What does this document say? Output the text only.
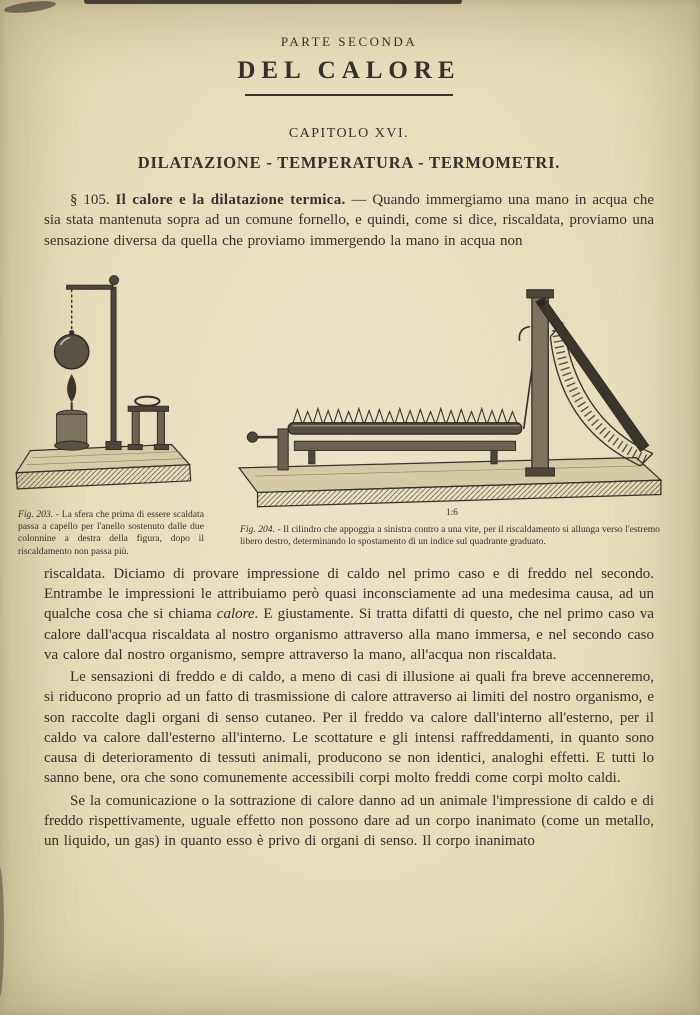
PARTE SECONDA
DEL CALORE
CAPITOLO XVI.
DILATAZIONE - TEMPERATURA - TERMOMETRI.

§ 105. Il calore e la dilatazione termica. — Quando immergiamo una mano in acqua che sia stata mantenuta sopra ad un comune fornello, e quindi, come si dice, riscaldata, proviamo una sensazione diversa da quella che proviamo immergendo la mano in acqua non

Fig. 203. - La sfera che prima di essere scaldata passa a capello per l'anello sostenuto dalle due colonnine a destra della figura, dopo il riscaldamento non passa più.
1:6
Fig. 204. - Il cilindro che appoggia a sinistra contro a una vite, per il riscaldamento si allunga verso l'estremo libero destro, determinando lo spostamento di un indice sul quadrante graduato.

riscaldata. Diciamo di provare impressione di caldo nel primo caso e di freddo nel secondo. Entrambe le impressioni le attribuiamo però quasi inconsciamente ad una medesima causa, ad un qualche cosa che si chiama calore. E giustamente. Si tratta difatti di questo, che nel primo caso va calore dall'acqua riscaldata al nostro organismo attraverso alla mano immersa, e nel secondo caso va calore dal nostro organismo, sempre attraverso la mano, all'acqua non riscaldata.

Le sensazioni di freddo e di caldo, a meno di casi di illusione ai quali fra breve accenneremo, si riducono proprio ad un fatto di trasmissione di calore attraverso ai limiti del nostro organismo, e son raccolte dagli organi di senso cutaneo. Per il freddo va calore dall'interno all'esterno, per il caldo va calore dall'esterno all'interno. Le scottature e gli intensi raffreddamenti, in quanto sono causa di deterioramento di tessuti animali, producono se non identici, analoghi effetti. E tutti lo sanno bene, ora che sono comunemente accessibili corpi molto freddi come corpi molto caldi.

Se la comunicazione o la sottrazione di calore danno ad un animale l'impressione di caldo e di freddo rispettivamente, uguale effetto non possono dare ad un corpo inanimato (come un metallo, un liquido, un gas) in quanto esso è privo di organi di senso. Il corpo inanimato
